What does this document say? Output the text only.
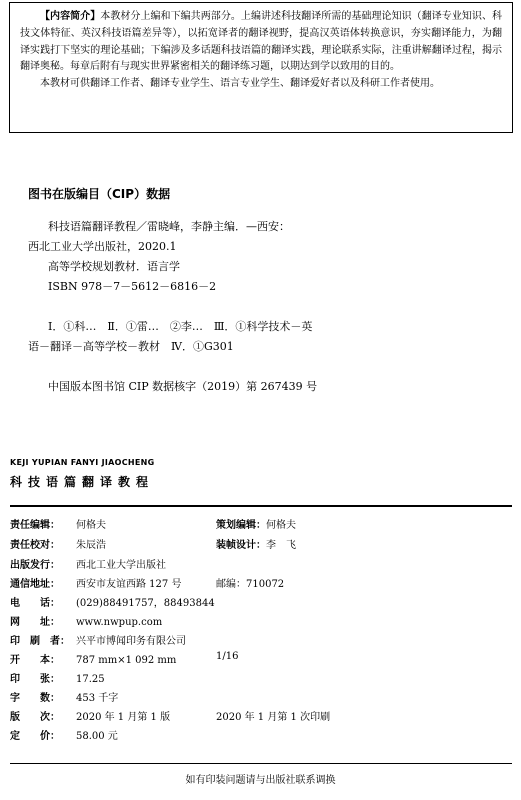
【内容简介】本教材分上编和下编共两部分。上编讲述科技翻译所需的基础理论知识（翻译专业知识、科技文体特征、英汉科技语篇差异等），以拓宽译者的翻译视野，提高汉英语体转换意识，夯实翻译能力，为翻译实践打下坚实的理论基础；下编涉及多话题科技语篇的翻译实践，理论联系实际，注重讲解翻译过程，揭示翻译奥秘。每章后附有与现实世界紧密相关的翻译练习题，以期达到学以致用的目的。

本教材可供翻译工作者、翻译专业学生、语言专业学生、翻译爱好者以及科研工作者使用。

图书在版编目（CIP）数据
科技语篇翻译教程／雷晓峰，李静主编．—西安：
西北工业大学出版社，2020.1
高等学校规划教材．语言学
ISBN 978－7－5612－6816－2
Ⅰ．①科…　Ⅱ．①雷…　②李…　Ⅲ．①科学技术－英
语－翻译－高等学校－教材　Ⅳ．①G301
中国版本图书馆 CIP 数据核字（2019）第 267439 号
KEJI YUPIAN FANYI JIAOCHENG
科技语篇翻译教程
责任编辑： 何格夫	策划编辑：何格夫
责任校对： 朱辰浩	装帧设计：李　飞
出版发行： 西北工业大学出版社
通信地址： 西安市友谊西路 127 号	邮编：710072
电　　话： (029)88491757，88493844
网　　址： www.nwpup.com
印　刷　者： 兴平市博闻印务有限公司
开　　本： 787 mm×1 092 mm	1/16
印　　张： 17.25
字　　数： 453 千字
版　　次： 2020 年 1 月第 1 版	2020 年 1 月第 1 次印刷
定　　价： 58.00 元
如有印装问题请与出版社联系调换
